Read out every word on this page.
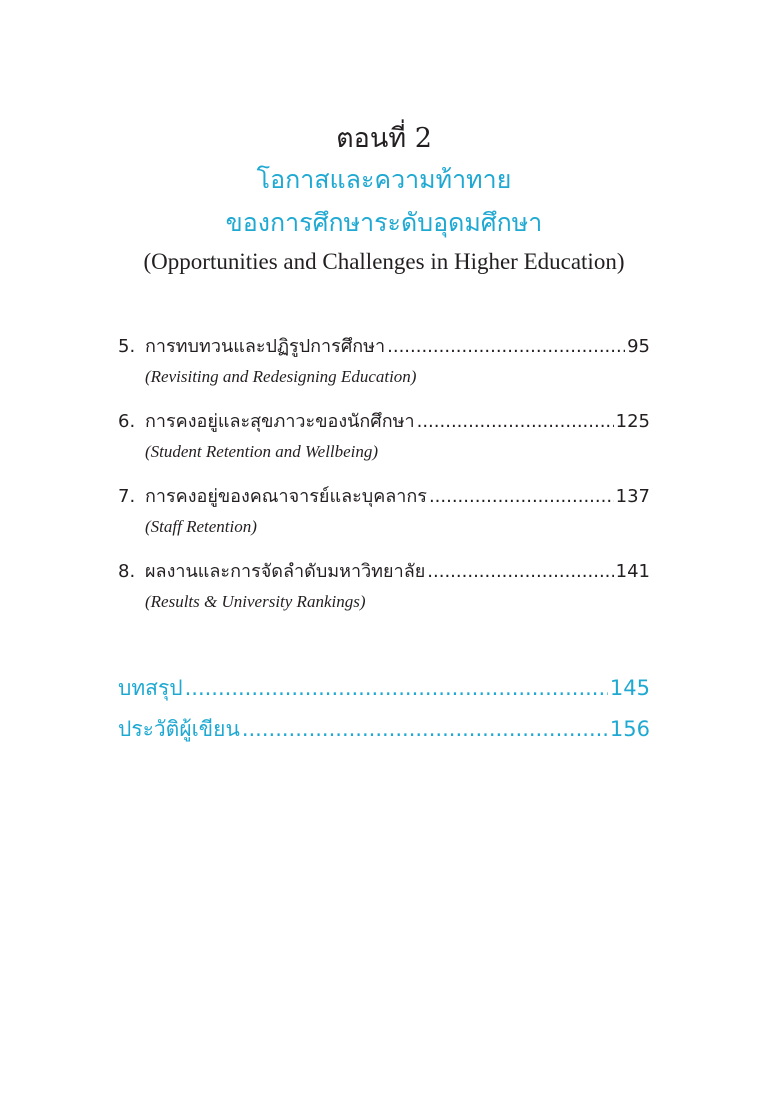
ตอนที่ 2
โอกาสและความท้าทาย
ของการศึกษาระดับอุดมศึกษา
(Opportunities and Challenges in Higher Education)
5. การทบทวนและปฏิรูปการศึกษา .....	95
(Revisiting and Redesigning Education)
6. การคงอยู่และสุขภาวะของนักศึกษา .....	125
(Student Retention and Wellbeing)
7. การคงอยู่ของคณาจารย์และบุคลากร .....	137
(Staff Retention)
8. ผลงานและการจัดลำดับมหาวิทยาลัย .....	141
(Results & University Rankings)
บทสรุป .....	145
ประวัติผู้เขียน .....	156
